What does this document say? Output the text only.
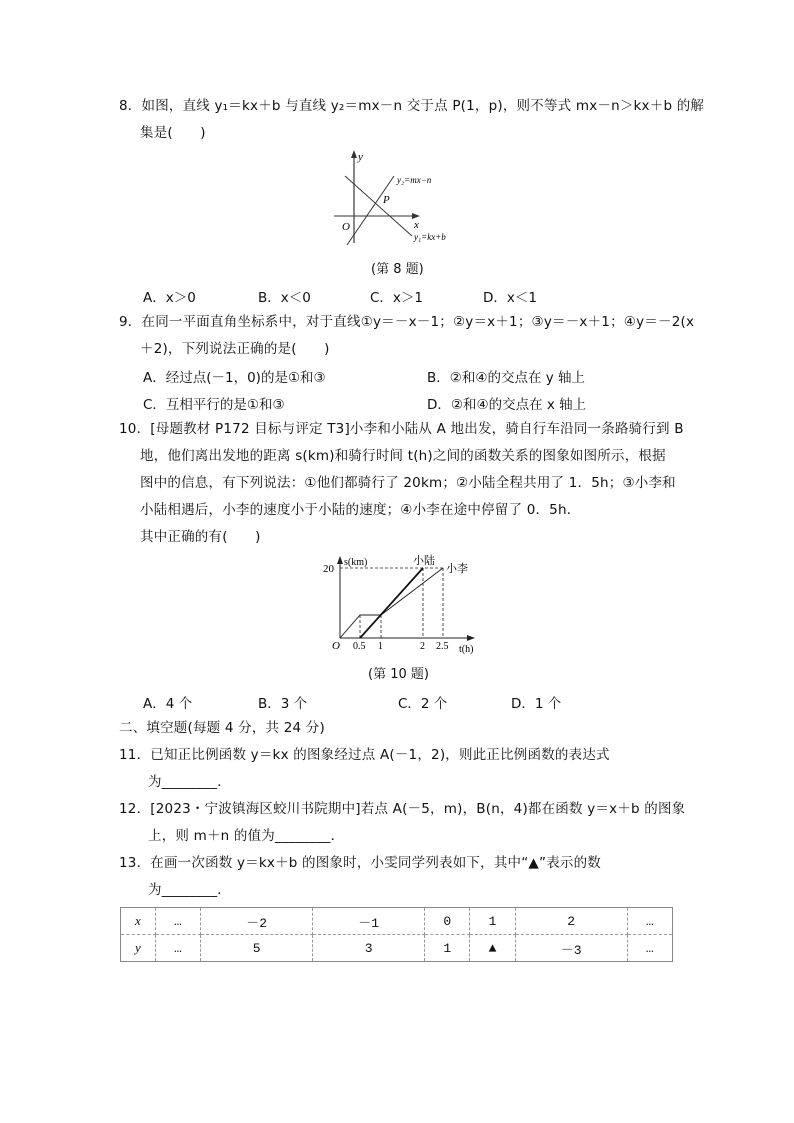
8．如图，直线 y₁＝kx＋b 与直线 y₂＝mx－n 交于点 P(1，p)，则不等式 mx－n＞kx＋b 的解
集是(　　)
y
x
O
P
y₂=mx−n
y₁=kx+b
(第 8 题)
A．x＞0	B．x＜0	C．x＞1	D．x＜1
9．在同一平面直角坐标系中，对于直线①y＝－x－1；②y＝x＋1；③y＝－x＋1；④y＝－2(x
＋2)，下列说法正确的是(　　)
A．经过点(－1，0)的是①和③	B．②和④的交点在 y 轴上
C．互相平行的是①和③	D．②和④的交点在 x 轴上
10．[母题教材 P172 目标与评定 T3]小李和小陆从 A 地出发，骑自行车沿同一条路骑行到 B
地，他们离出发地的距离 s(km)和骑行时间 t(h)之间的函数关系的图象如图所示，根据
图中的信息，有下列说法：①他们都骑行了 20km；②小陆全程共用了 1．5h；③小李和
小陆相遇后，小李的速度小于小陆的速度；④小李在途中停留了 0．5h．
其中正确的有(　　)
s(km)
20
O 0.5 1	2 2.5 t(h)
小陆
小李
(第 10 题)
A．4 个	B．3 个	C．2 个	D．1 个
二、填空题(每题 4 分，共 24 分)
11．已知正比例函数 y＝kx 的图象经过点 A(－1，2)，则此正比例函数的表达式
为________．
12．[2023・宁波镇海区蛟川书院期中]若点 A(－5，m)，B(n，4)都在函数 y＝x＋b 的图象
上，则 m＋n 的值为________．
13．在画一次函数 y＝kx＋b 的图象时，小雯同学列表如下，其中“▲”表示的数
为________．
x	…	－2	－1	0	1	2	…
y	…	5	3	1	▲	－3	…
